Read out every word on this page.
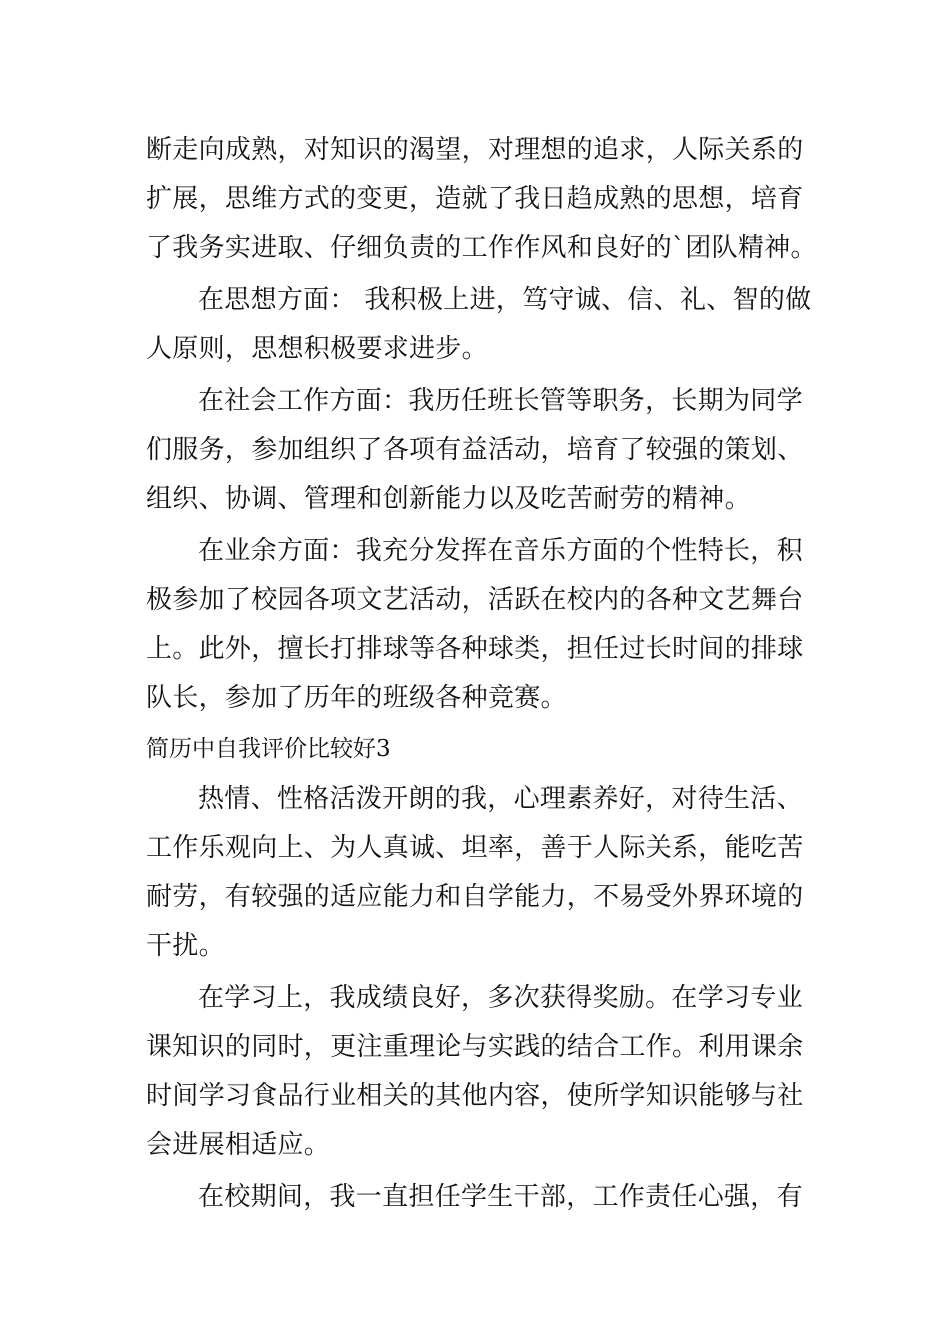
断走向成熟，对知识的渴望，对理想的追求，人际关系的
扩展，思维方式的变更，造就了我日趋成熟的思想，培育
了我务实进取、仔细负责的工作作风和良好的`团队精神。
在思想方面： 我积极上进，笃守诚、信、礼、智的做
人原则，思想积极要求进步。
在社会工作方面：我历任班长管等职务，长期为同学
们服务，参加组织了各项有益活动，培育了较强的策划、
组织、协调、管理和创新能力以及吃苦耐劳的精神。
在业余方面：我充分发挥在音乐方面的个性特长，积
极参加了校园各项文艺活动，活跃在校内的各种文艺舞台
上。此外，擅长打排球等各种球类，担任过长时间的排球
队长，参加了历年的班级各种竞赛。
简历中自我评价比较好3
热情、性格活泼开朗的我，心理素养好，对待生活、
工作乐观向上、为人真诚、坦率，善于人际关系，能吃苦
耐劳，有较强的适应能力和自学能力，不易受外界环境的
干扰。
在学习上，我成绩良好，多次获得奖励。在学习专业
课知识的同时，更注重理论与实践的结合工作。利用课余
时间学习食品行业相关的其他内容，使所学知识能够与社
会进展相适应。
在校期间，我一直担任学生干部，工作责任心强，有
